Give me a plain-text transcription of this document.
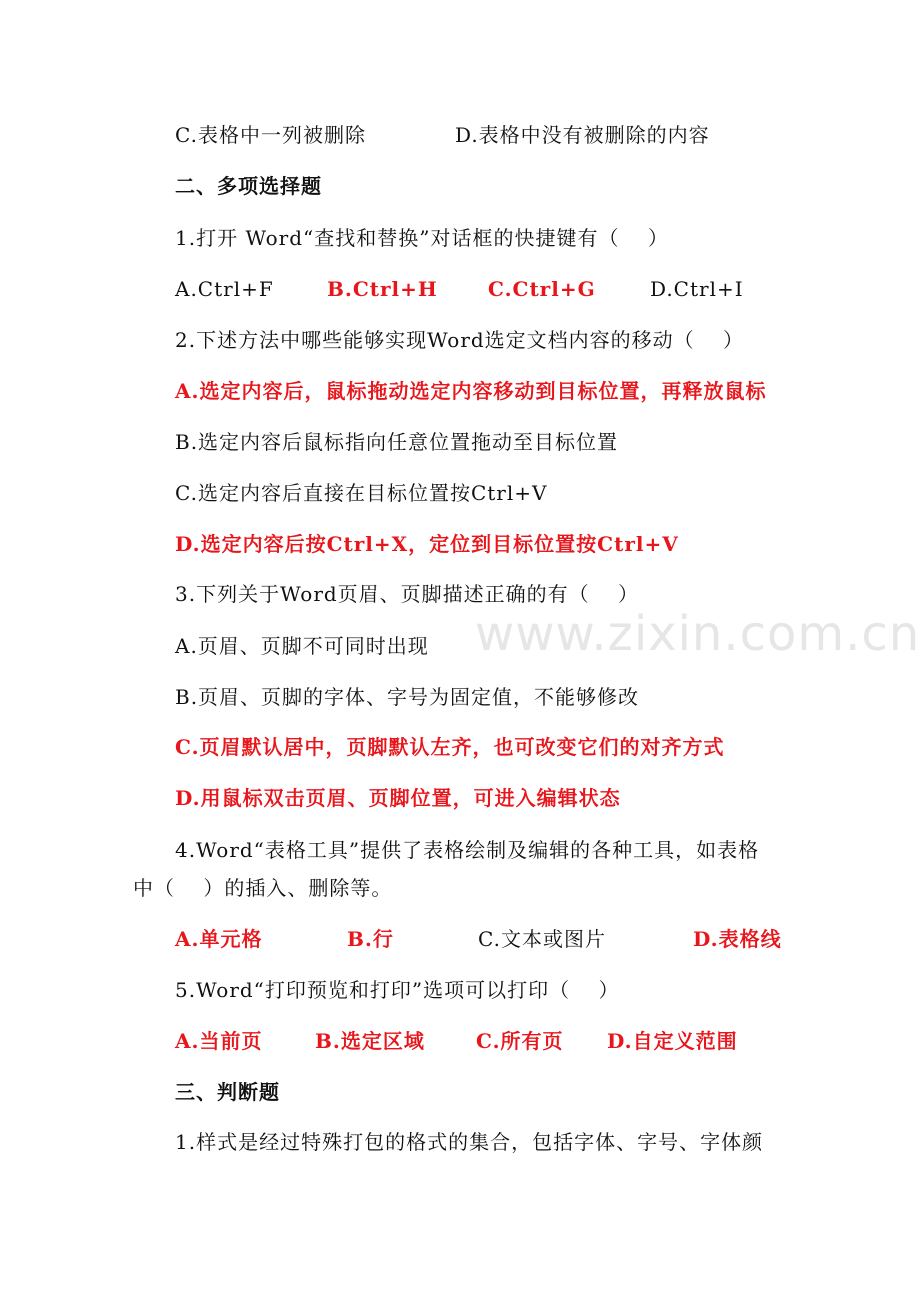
www.zixin.com.cn
C.表格中一列被删除	D.表格中没有被删除的内容
二、多项选择题
1.打开 Word“查找和替换”对话框的快捷键有（　 ）
A.Ctrl+F	B.Ctrl+H	C.Ctrl+G	D.Ctrl+I
2.下述方法中哪些能够实现Word选定文档内容的移动（　 ）
A.选定内容后，鼠标拖动选定内容移动到目标位置，再释放鼠标
B.选定内容后鼠标指向任意位置拖动至目标位置
C.选定内容后直接在目标位置按Ctrl+V
D.选定内容后按Ctrl+X，定位到目标位置按Ctrl+V
3.下列关于Word页眉、页脚描述正确的有（　 ）
A.页眉、页脚不可同时出现
B.页眉、页脚的字体、字号为固定值，不能够修改
C.页眉默认居中，页脚默认左齐，也可改变它们的对齐方式
D.用鼠标双击页眉、页脚位置，可进入编辑状态
4.Word“表格工具”提供了表格绘制及编辑的各种工具，如表格
中（　 ）的插入、删除等。
A.单元格	B.行	C.文本或图片	D.表格线
5.Word“打印预览和打印”选项可以打印（　 ）
A.当前页	B.选定区域	C.所有页 D.自定义范围
三、判断题
1.样式是经过特殊打包的格式的集合，包括字体、字号、字体颜
